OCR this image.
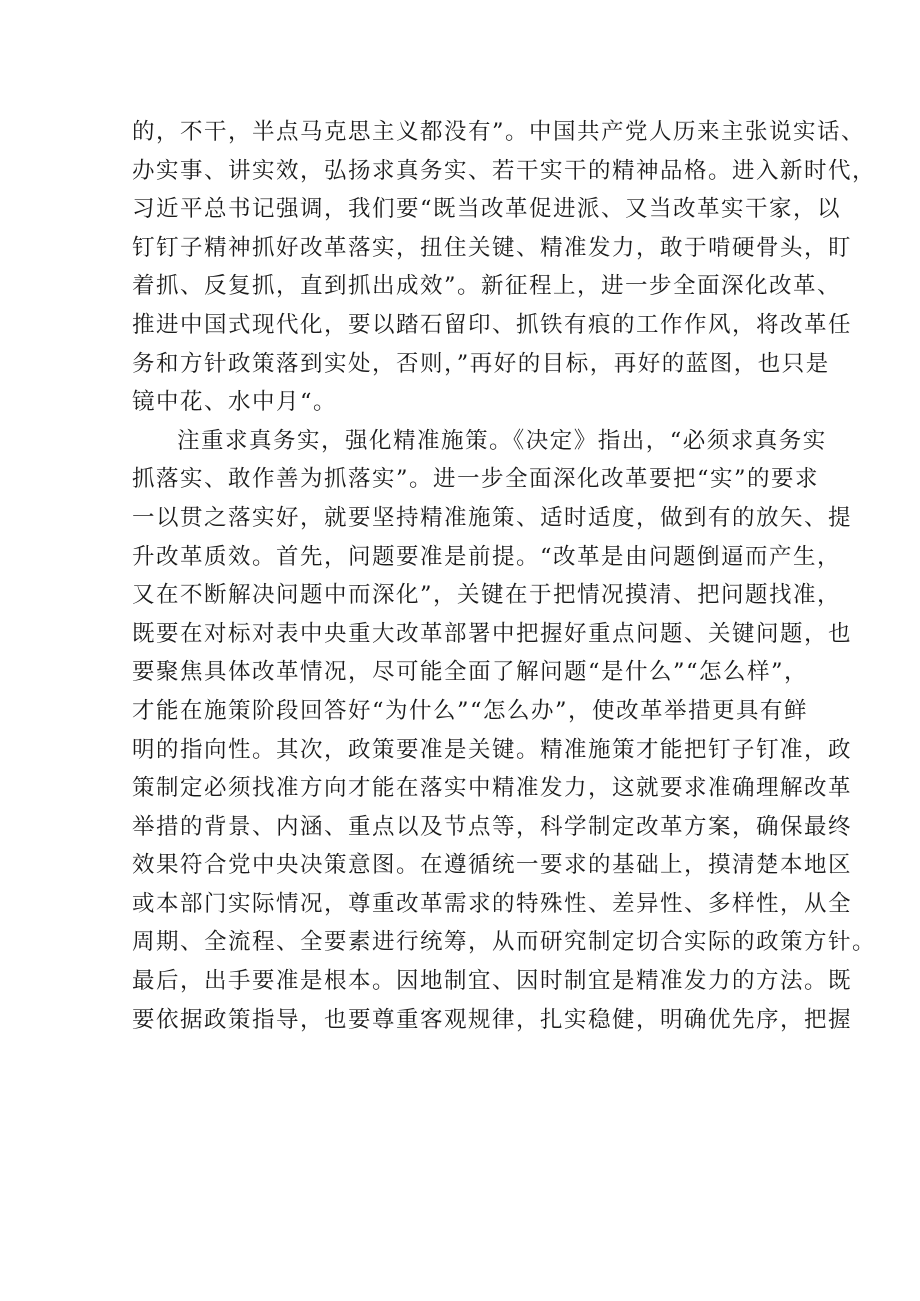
的，不干，半点马克思主义都没有”。中国共产党人历来主张说实话、
办实事、讲实效，弘扬求真务实、若干实干的精神品格。进入新时代，
习近平总书记强调，我们要“既当改革促进派、又当改革实干家，以
钉钉子精神抓好改革落实，扭住关键、精准发力，敢于啃硬骨头，盯
着抓、反复抓，直到抓出成效”。新征程上，进一步全面深化改革、
推进中国式现代化，要以踏石留印、抓铁有痕的工作作风，将改革任
务和方针政策落到实处，否则，”再好的目标，再好的蓝图，也只是
镜中花、水中月“。
注重求真务实，强化精准施策。《决定》指出，“必须求真务实
抓落实、敢作善为抓落实”。进一步全面深化改革要把“实”的要求
一以贯之落实好，就要坚持精准施策、适时适度，做到有的放矢、提
升改革质效。首先，问题要准是前提。“改革是由问题倒逼而产生，
又在不断解决问题中而深化”，关键在于把情况摸清、把问题找准，
既要在对标对表中央重大改革部署中把握好重点问题、关键问题，也
要聚焦具体改革情况，尽可能全面了解问题“是什么”“怎么样”，
才能在施策阶段回答好“为什么”“怎么办”，使改革举措更具有鲜
明的指向性。其次，政策要准是关键。精准施策才能把钉子钉准，政
策制定必须找准方向才能在落实中精准发力，这就要求准确理解改革
举措的背景、内涵、重点以及节点等，科学制定改革方案，确保最终
效果符合党中央决策意图。在遵循统一要求的基础上，摸清楚本地区
或本部门实际情况，尊重改革需求的特殊性、差异性、多样性，从全
周期、全流程、全要素进行统筹，从而研究制定切合实际的政策方针。
最后，出手要准是根本。因地制宜、因时制宜是精准发力的方法。既
要依据政策指导，也要尊重客观规律，扎实稳健，明确优先序，把握
